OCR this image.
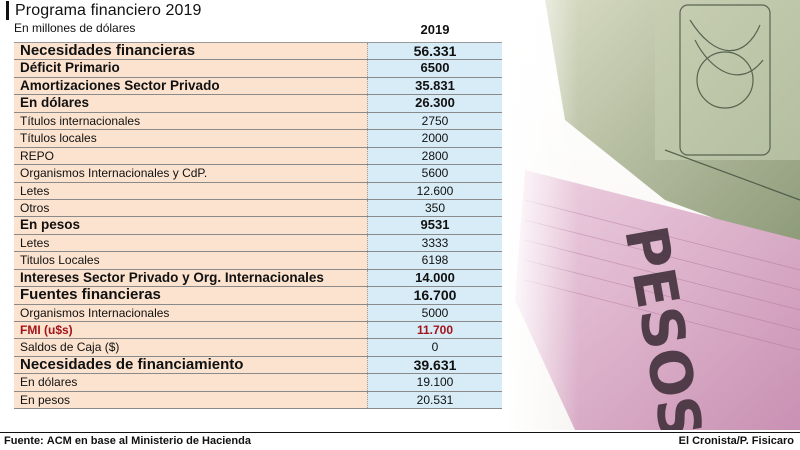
Programa financiero 2019
En millones de dólares	2019
Necesidades financieras	56.331
Déficit Primario	6500
Amortizaciones Sector Privado	35.831
En dólares	26.300
Títulos internacionales	2750
Títulos locales	2000
REPO	2800
Organismos Internacionales y CdP.	5600
Letes	12.600
Otros	350
En pesos	9531
Letes	3333
Titulos Locales	6198
Intereses Sector Privado y Org. Internacionales	14.000
Fuentes financieras	16.700
Organismos Internacionales	5000
FMI (u$s)	11.700
Saldos de Caja ($)	0
Necesidades de financiamiento	39.631
En dólares	19.100
En pesos	20.531
Fuente: ACM en base al Ministerio de Hacienda	El Cronista/P. Fisicaro
